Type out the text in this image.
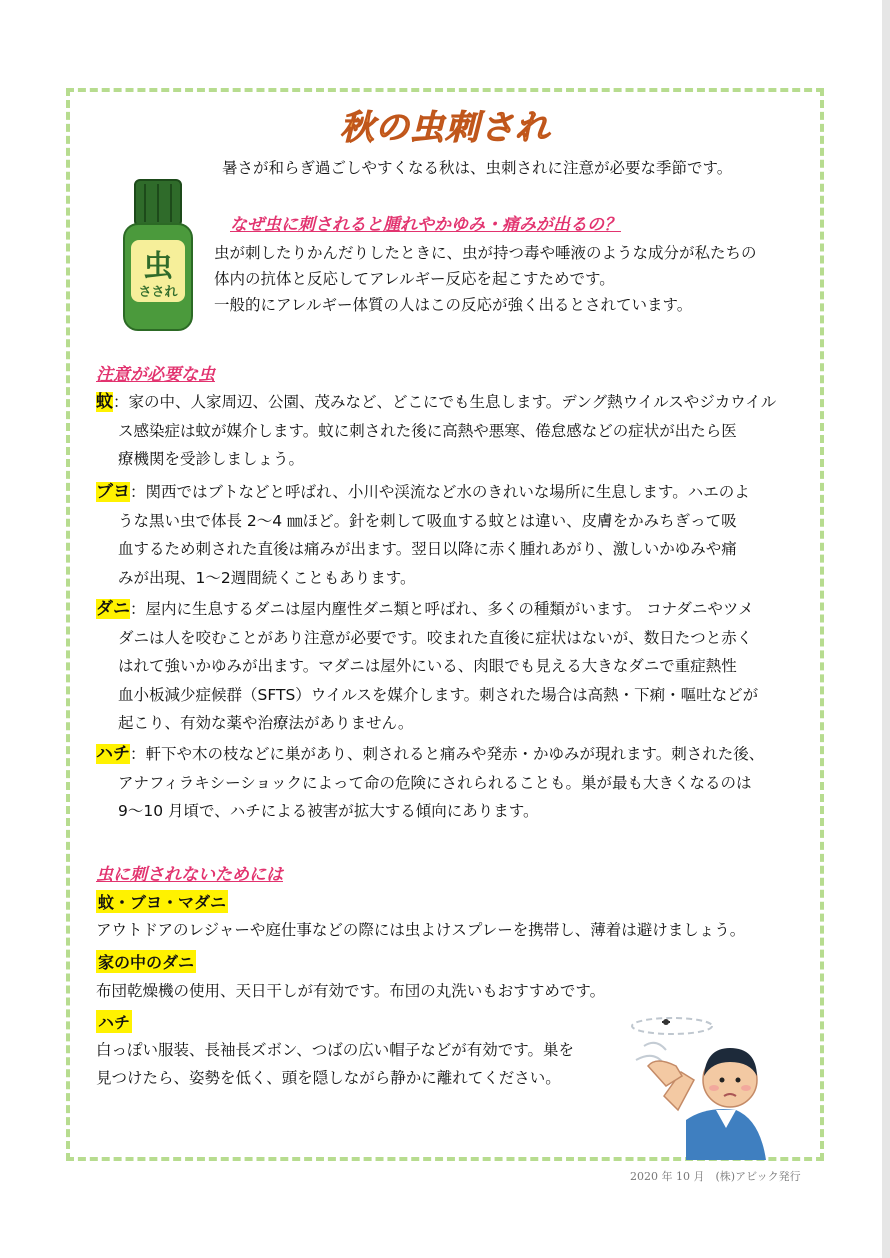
秋の虫刺され
暑さが和らぎ過ごしやすくなる秋は、虫刺されに注意が必要な季節です。
虫
さされ
なぜ虫に刺されると腫れやかゆみ・痛みが出るの？
虫が刺したりかんだりしたときに、虫が持つ毒や唾液のような成分が私たちの
体内の抗体と反応してアレルギー反応を起こすためです。
一般的にアレルギー体質の人はこの反応が強く出るとされています。
注意が必要な虫
蚊：家の中、人家周辺、公園、茂みなど、どこにでも生息します。デング熱ウイルスやジカウイル
ス感染症は蚊が媒介します。蚊に刺された後に高熱や悪寒、倦怠感などの症状が出たら医
療機関を受診しましょう。
ブヨ：関西ではブトなどと呼ばれ、小川や渓流など水のきれいな場所に生息します。ハエのよ
うな黒い虫で体長 2～4 ㎜ほど。針を刺して吸血する蚊とは違い、皮膚をかみちぎって吸
血するため刺された直後は痛みが出ます。翌日以降に赤く腫れあがり、激しいかゆみや痛
みが出現、1～2週間続くこともあります。
ダニ：屋内に生息するダニは屋内塵性ダニ類と呼ばれ、多くの種類がいます。 コナダニやツメ
ダニは人を咬むことがあり注意が必要です。咬まれた直後に症状はないが、数日たつと赤く
はれて強いかゆみが出ます。マダニは屋外にいる、肉眼でも見える大きなダニで重症熱性
血小板減少症候群（SFTS）ウイルスを媒介します。刺された場合は高熱・下痢・嘔吐などが
起こり、有効な薬や治療法がありません。
ハチ：軒下や木の枝などに巣があり、刺されると痛みや発赤・かゆみが現れます。刺された後、
アナフィラキシーショックによって命の危険にされられることも。巣が最も大きくなるのは
9～10 月頃で、ハチによる被害が拡大する傾向にあります。
虫に刺されないためには
蚊・ブヨ・マダニ
アウトドアのレジャーや庭仕事などの際には虫よけスプレーを携帯し、薄着は避けましょう。
家の中のダニ
布団乾燥機の使用、天日干しが有効です。布団の丸洗いもおすすめです。
ハチ
白っぽい服装、長袖長ズボン、つばの広い帽子などが有効です。巣を
見つけたら、姿勢を低く、頭を隠しながら静かに離れてください。
2020 年 10 月　(株)アビック発行
